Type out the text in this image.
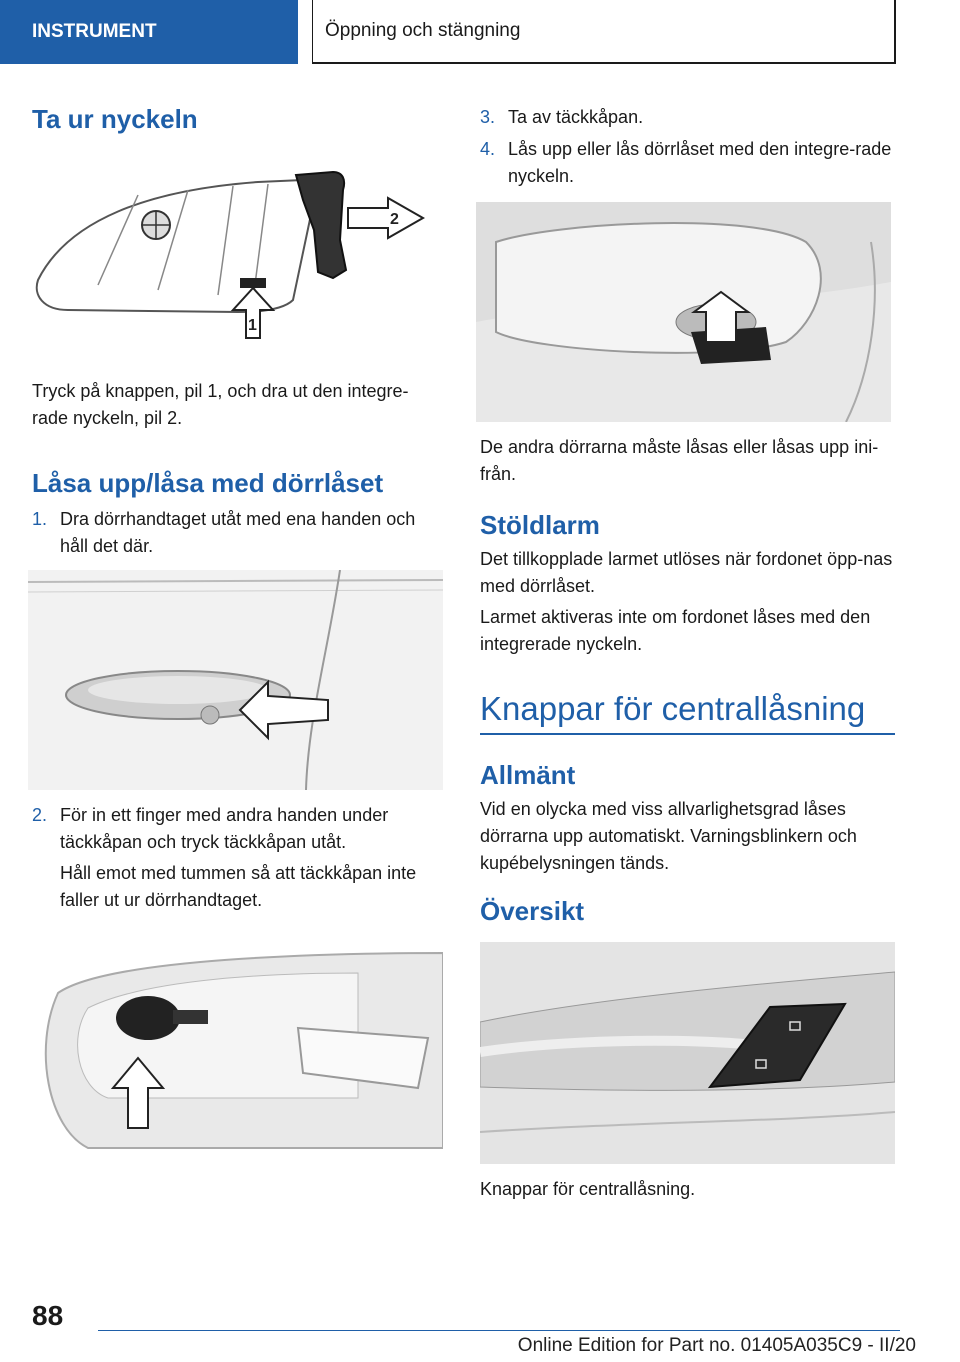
INSTRUMENT	Öppning och stängning
Ta ur nyckeln
2
1

Tryck på knappen, pil 1, och dra ut den integre-rade nyckeln, pil 2.

Låsa upp/låsa med dörrlåset
1. Dra dörrhandtaget utåt med ena handen och håll det där.
2. För in ett finger med andra handen under täckkåpan och tryck täckkåpan utåt.

Håll emot med tummen så att täckkåpan inte faller ut ur dörrhandtaget.

3. Ta av täckkåpan.
4. Lås upp eller lås dörrlåset med den integre-rade nyckeln.

De andra dörrarna måste låsas eller låsas upp ini-från.

Stöldlarm

Det tillkopplade larmet utlöses när fordonet öpp-nas med dörrlåset.

Larmet aktiveras inte om fordonet låses med den integrerade nyckeln.

Knappar för centrallåsning
Allmänt

Vid en olycka med viss allvarlighetsgrad låses dörrarna upp automatiskt. Varningsblinkern och kupébelysningen tänds.

Översikt

Knappar för centrallåsning.

88
Online Edition for Part no. 01405A035C9 - II/20
